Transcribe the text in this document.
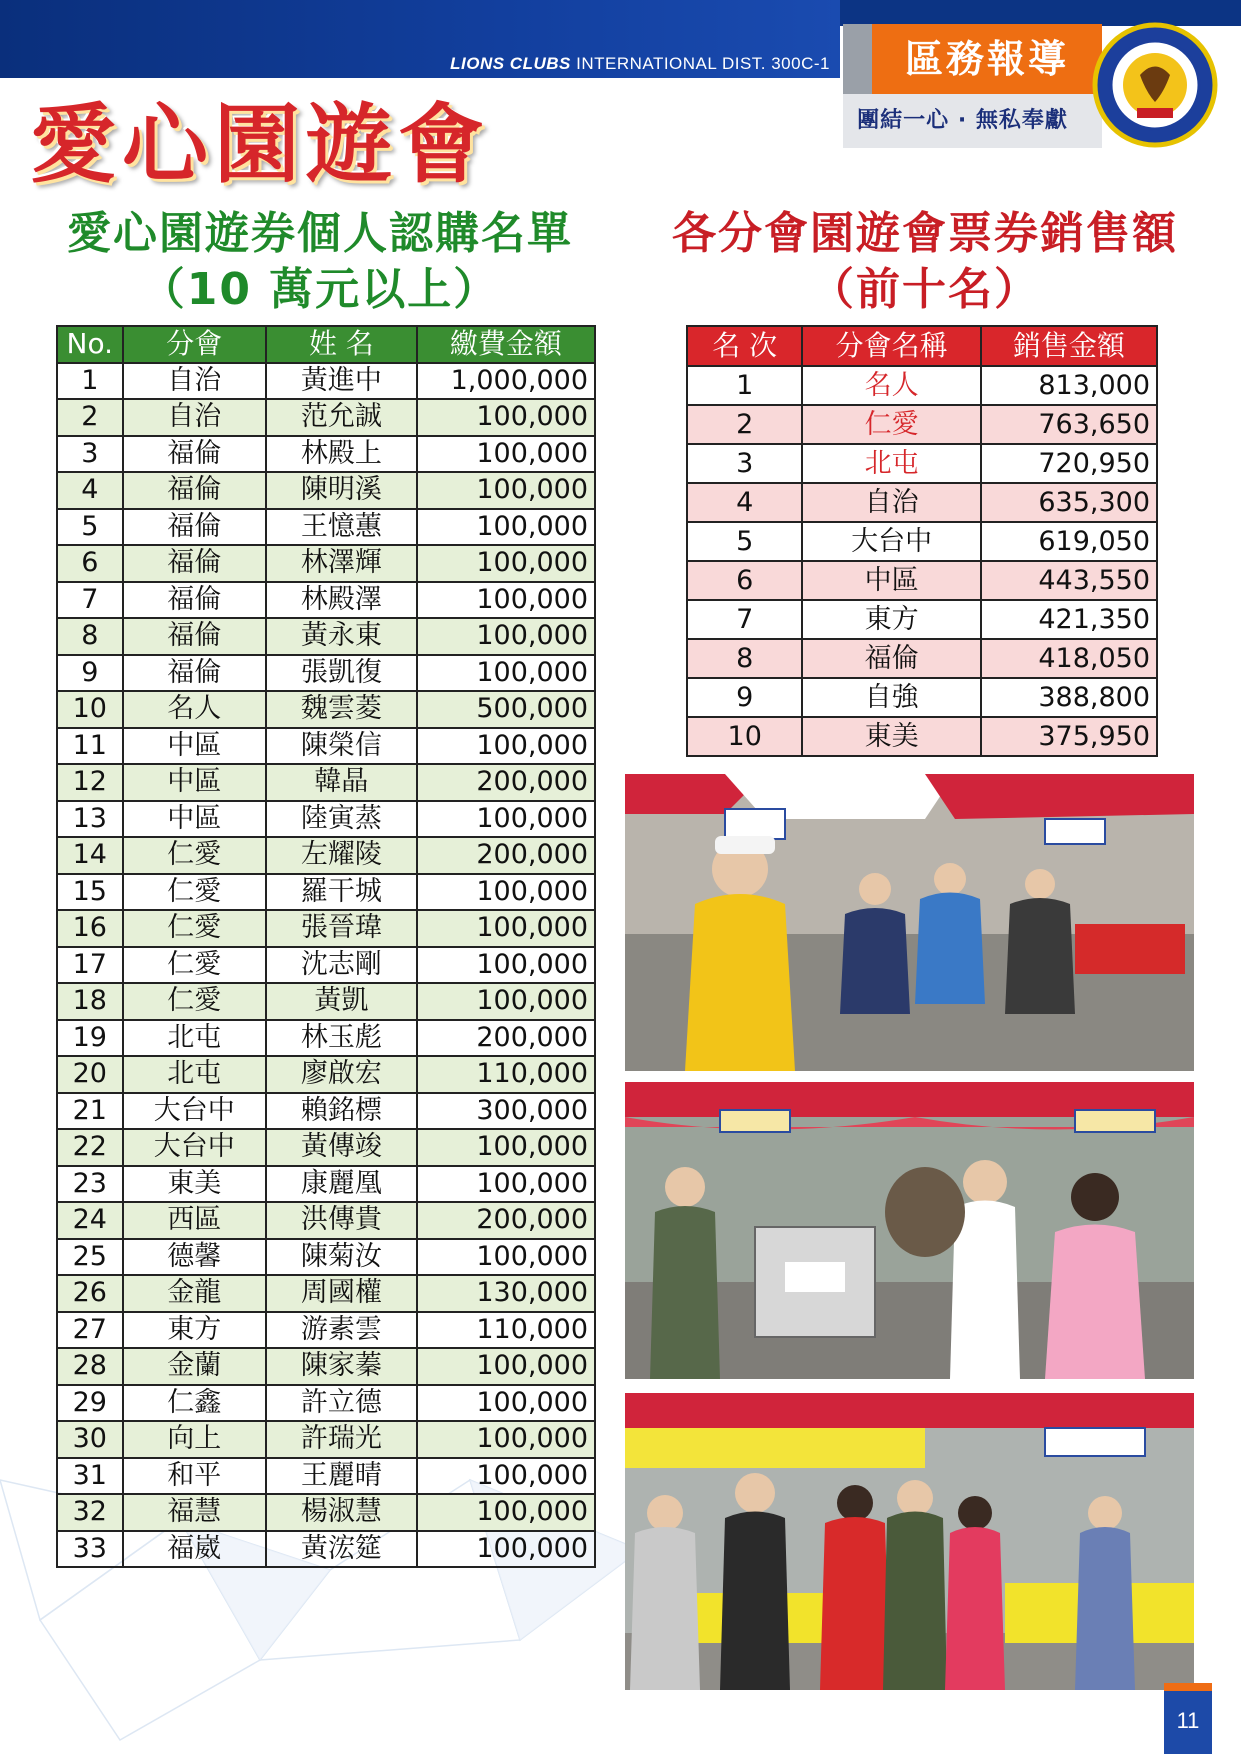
LIONS CLUBS INTERNATIONAL DIST. 300C-1	區務報導
團結一心 · 無私奉獻
愛心園遊會
愛心園遊券個人認購名單
（10 萬元以上）
各分會園遊會票券銷售額
（前十名）
No.	分會	姓 名	繳費金額
1	自治	黃進中	1,000,000
2	自治	范允誠	100,000
3	福倫	林殿上	100,000
4	福倫	陳明溪	100,000
5	福倫	王憶蕙	100,000
6	福倫	林澤輝	100,000
7	福倫	林殿澤	100,000
8	福倫	黃永東	100,000
9	福倫	張凱復	100,000
10	名人	魏雲菱	500,000
11	中區	陳榮信	100,000
12	中區	韓晶	200,000
13	中區	陸寅蒸	100,000
14	仁愛	左耀陵	200,000
15	仁愛	羅干城	100,000
16	仁愛	張晉瑋	100,000
17	仁愛	沈志剛	100,000
18	仁愛	黃凱	100,000
19	北屯	林玉彪	200,000
20	北屯	廖啟宏	110,000
21	大台中	賴銘標	300,000
22	大台中	黃傳竣	100,000
23	東美	康麗凰	100,000
24	西區	洪傳貴	200,000
25	德馨	陳菊汝	100,000
26	金龍	周國權	130,000
27	東方	游素雲	110,000
28	金蘭	陳家蓁	100,000
29	仁鑫	許立德	100,000
30	向上	許瑞光	100,000
31	和平	王麗晴	100,000
32	福慧	楊淑慧	100,000
33	福崴	黃浤筵	100,000
名 次	分會名稱	銷售金額
1	名人	813,000
2	仁愛	763,650
3	北屯	720,950
4	自治	635,300
5	大台中	619,050
6	中區	443,550
7	東方	421,350
8	福倫	418,050
9	自強	388,800
10	東美	375,950
11
